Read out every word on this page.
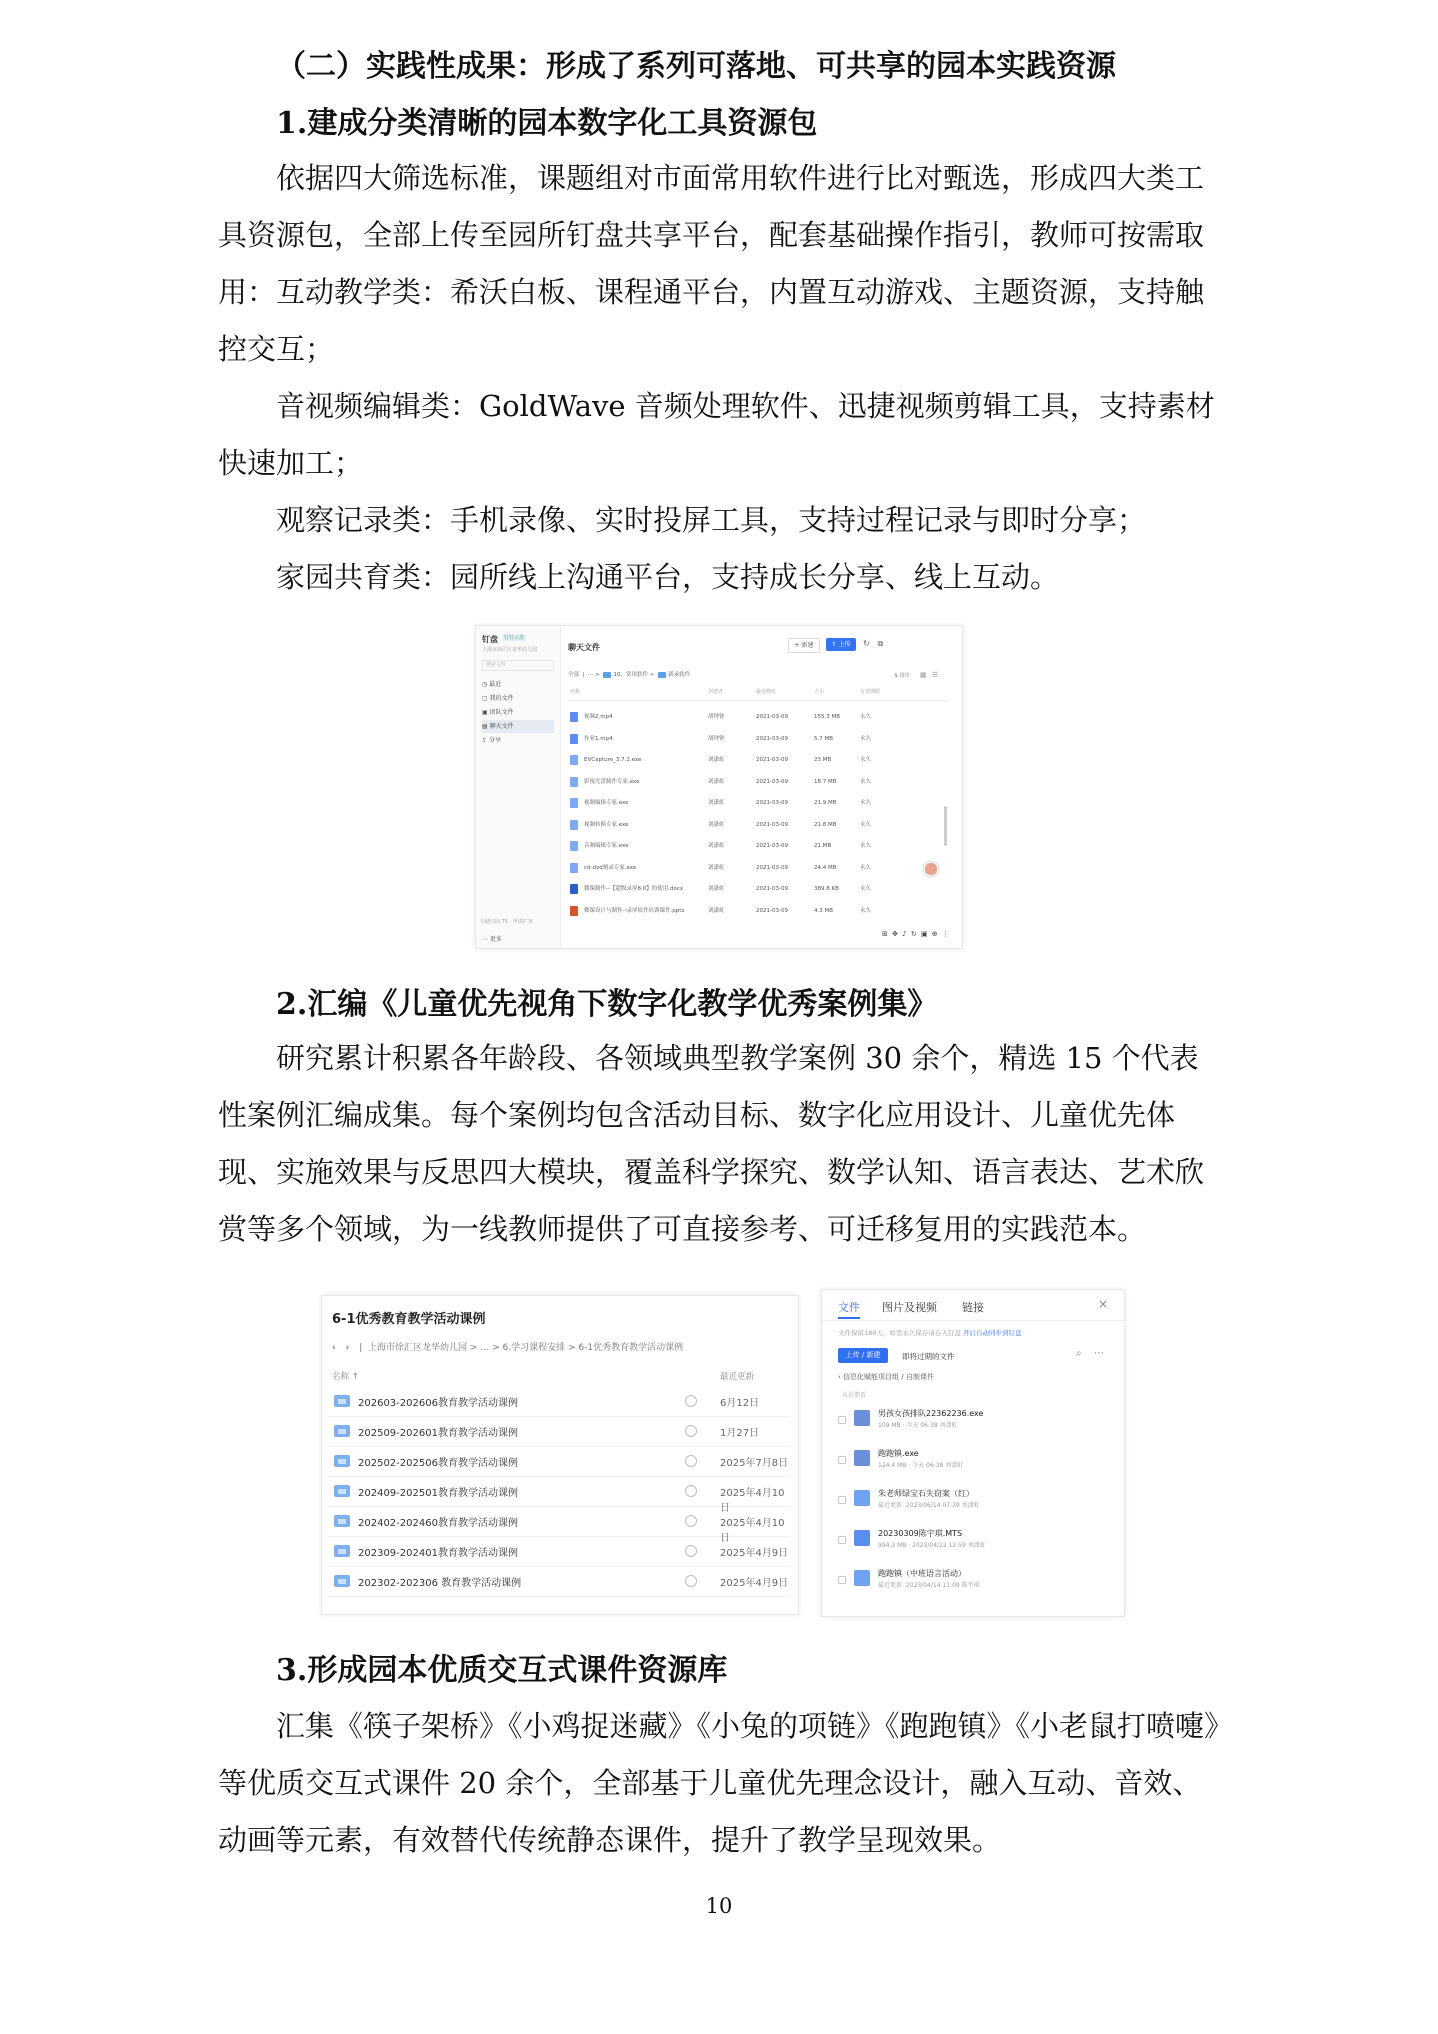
（二）实践性成果：形成了系列可落地、可共享的园本实践资源

1.建成分类清晰的园本数字化工具资源包

依据四大筛选标准，课题组对市面常用软件进行比对甄选，形成四大类工具资源包，全部上传至园所钉盘共享平台，配套基础操作指引，教师可按需取用： 互动教学类：希沃白板、课程通平台，内置互动游戏、主题资源，支持触控交互；

音视频编辑类：GoldWave 音频处理软件、迅捷视频剪辑工具，支持素材快速加工；

观察记录类：手机录像、实时投屏工具，支持过程记录与即时分享；

家园共育类：园所线上沟通平台，支持成长分享、线上互动。

钉盘	钉钉云盘
上海市徐汇区龙华幼儿园
搜索文件
◷ 最近
▢ 我的文件
▣ 团队文件
▤ 聊天文件
⇪ 分享
存储空间 75 · 申请扩容
⋯ 更多
聊天文件	+ 新建	⇧ 上传	↻ ⧉
全部  |  ⋯ > 10、常用软件 > 新录软件	⇅ 排序 ▦ ☰
名称	创建者	最近修改	大小	有效期限
视频2.mp4	胡钟钟	2021-03-09	155.3 MB	永久
作业1.mp4	胡钟钟	2021-03-09	5.7 MB	永久
EVCapture_3.7.2.exe	刘潇虹	2021-03-09	23 MB	永久
影视光盘制作专家.exe	刘潇虹	2021-03-09	18.7 MB	永久
视频编辑专家.exe	刘潇虹	2021-03-09	21.9 MB	永久
视频转换专家.exe	刘潇虹	2021-03-09	21.8 MB	永久
音频编辑专家.exe	刘潇虹	2021-03-09	21 MB	永久
cd-dvd刻录专家.exe	刘潇虹	2021-03-09	24.4 MB	永久
微课制作--【超级录屏8.0】的使用.docx	刘潇虹	2021-03-09	389.8 KB	永久
微课设计与制作--录屏软件培训课件.pptx	刘潇虹	2021-03-09	4.3 MB	永久
⊞ ✥ ♪ ↻ ▣ ⊕ ⋮

2.汇编《儿童优先视角下数字化教学优秀案例集》

研究累计积累各年龄段、各领域典型教学案例 30 余个，精选 15 个代表性案例汇编成集。每个案例均包含活动目标、数字化应用设计、儿童优先体现、实施效果与反思四大模块，覆盖科学探究、数学认知、语言表达、艺术欣赏等多个领域，为一线教师提供了可直接参考、可迁移复用的实践范本。

6-1优秀教育教学活动课例
‹ › |  上海市徐汇区龙华幼儿园 > … > 6.学习课程安排 > 6-1优秀教育教学活动课例
名称 ↑	最近更新
202603-202606教育教学活动课例	6月12日
202509-202601教育教学活动课例	1月27日
202502-202506教育教学活动课例	2025年7月8日
202409-202501教育教学活动课例	2025年4月10日
202402-202460教育教学活动课例	2025年4月10日
202309-202401教育教学活动课例	2025年4月9日
202302-202306 教育教学活动课例	2025年4月9日
文件 图片及视频 链接	×
文件保留180天，如需永久保存请存入钉盘 开启自动同步到钉盘
上传 / 新建	即将过期的文件	⌕ ⋯
‹ 信息化赋能项目组 / 自制课件
从近期看
男孩女孩排队22362236.exe
109 MB · 今天 06:38 刘潇虹
跑跑镇.exe
124.4 MB · 今天 06:38 刘潇虹
朱老师绿宝石失窃案（红）
最近更新: 2023/06/14 07:39 刘潇虹
20230309陈宇琪.MTS
994.3 MB · 2023/04/22 12:59 刘潇虹
跑跑镇（中班语言活动）
最近更新: 2023/04/14 11:09 陈宇琪

3.形成园本优质交互式课件资源库

汇集《筷子架桥》《小鸡捉迷藏》《小兔的项链》《跑跑镇》《小老鼠打喷嚏》等优质交互式课件 20 余个，全部基于儿童优先理念设计，融入互动、音效、动画等元素，有效替代传统静态课件，提升了教学呈现效果。

10
